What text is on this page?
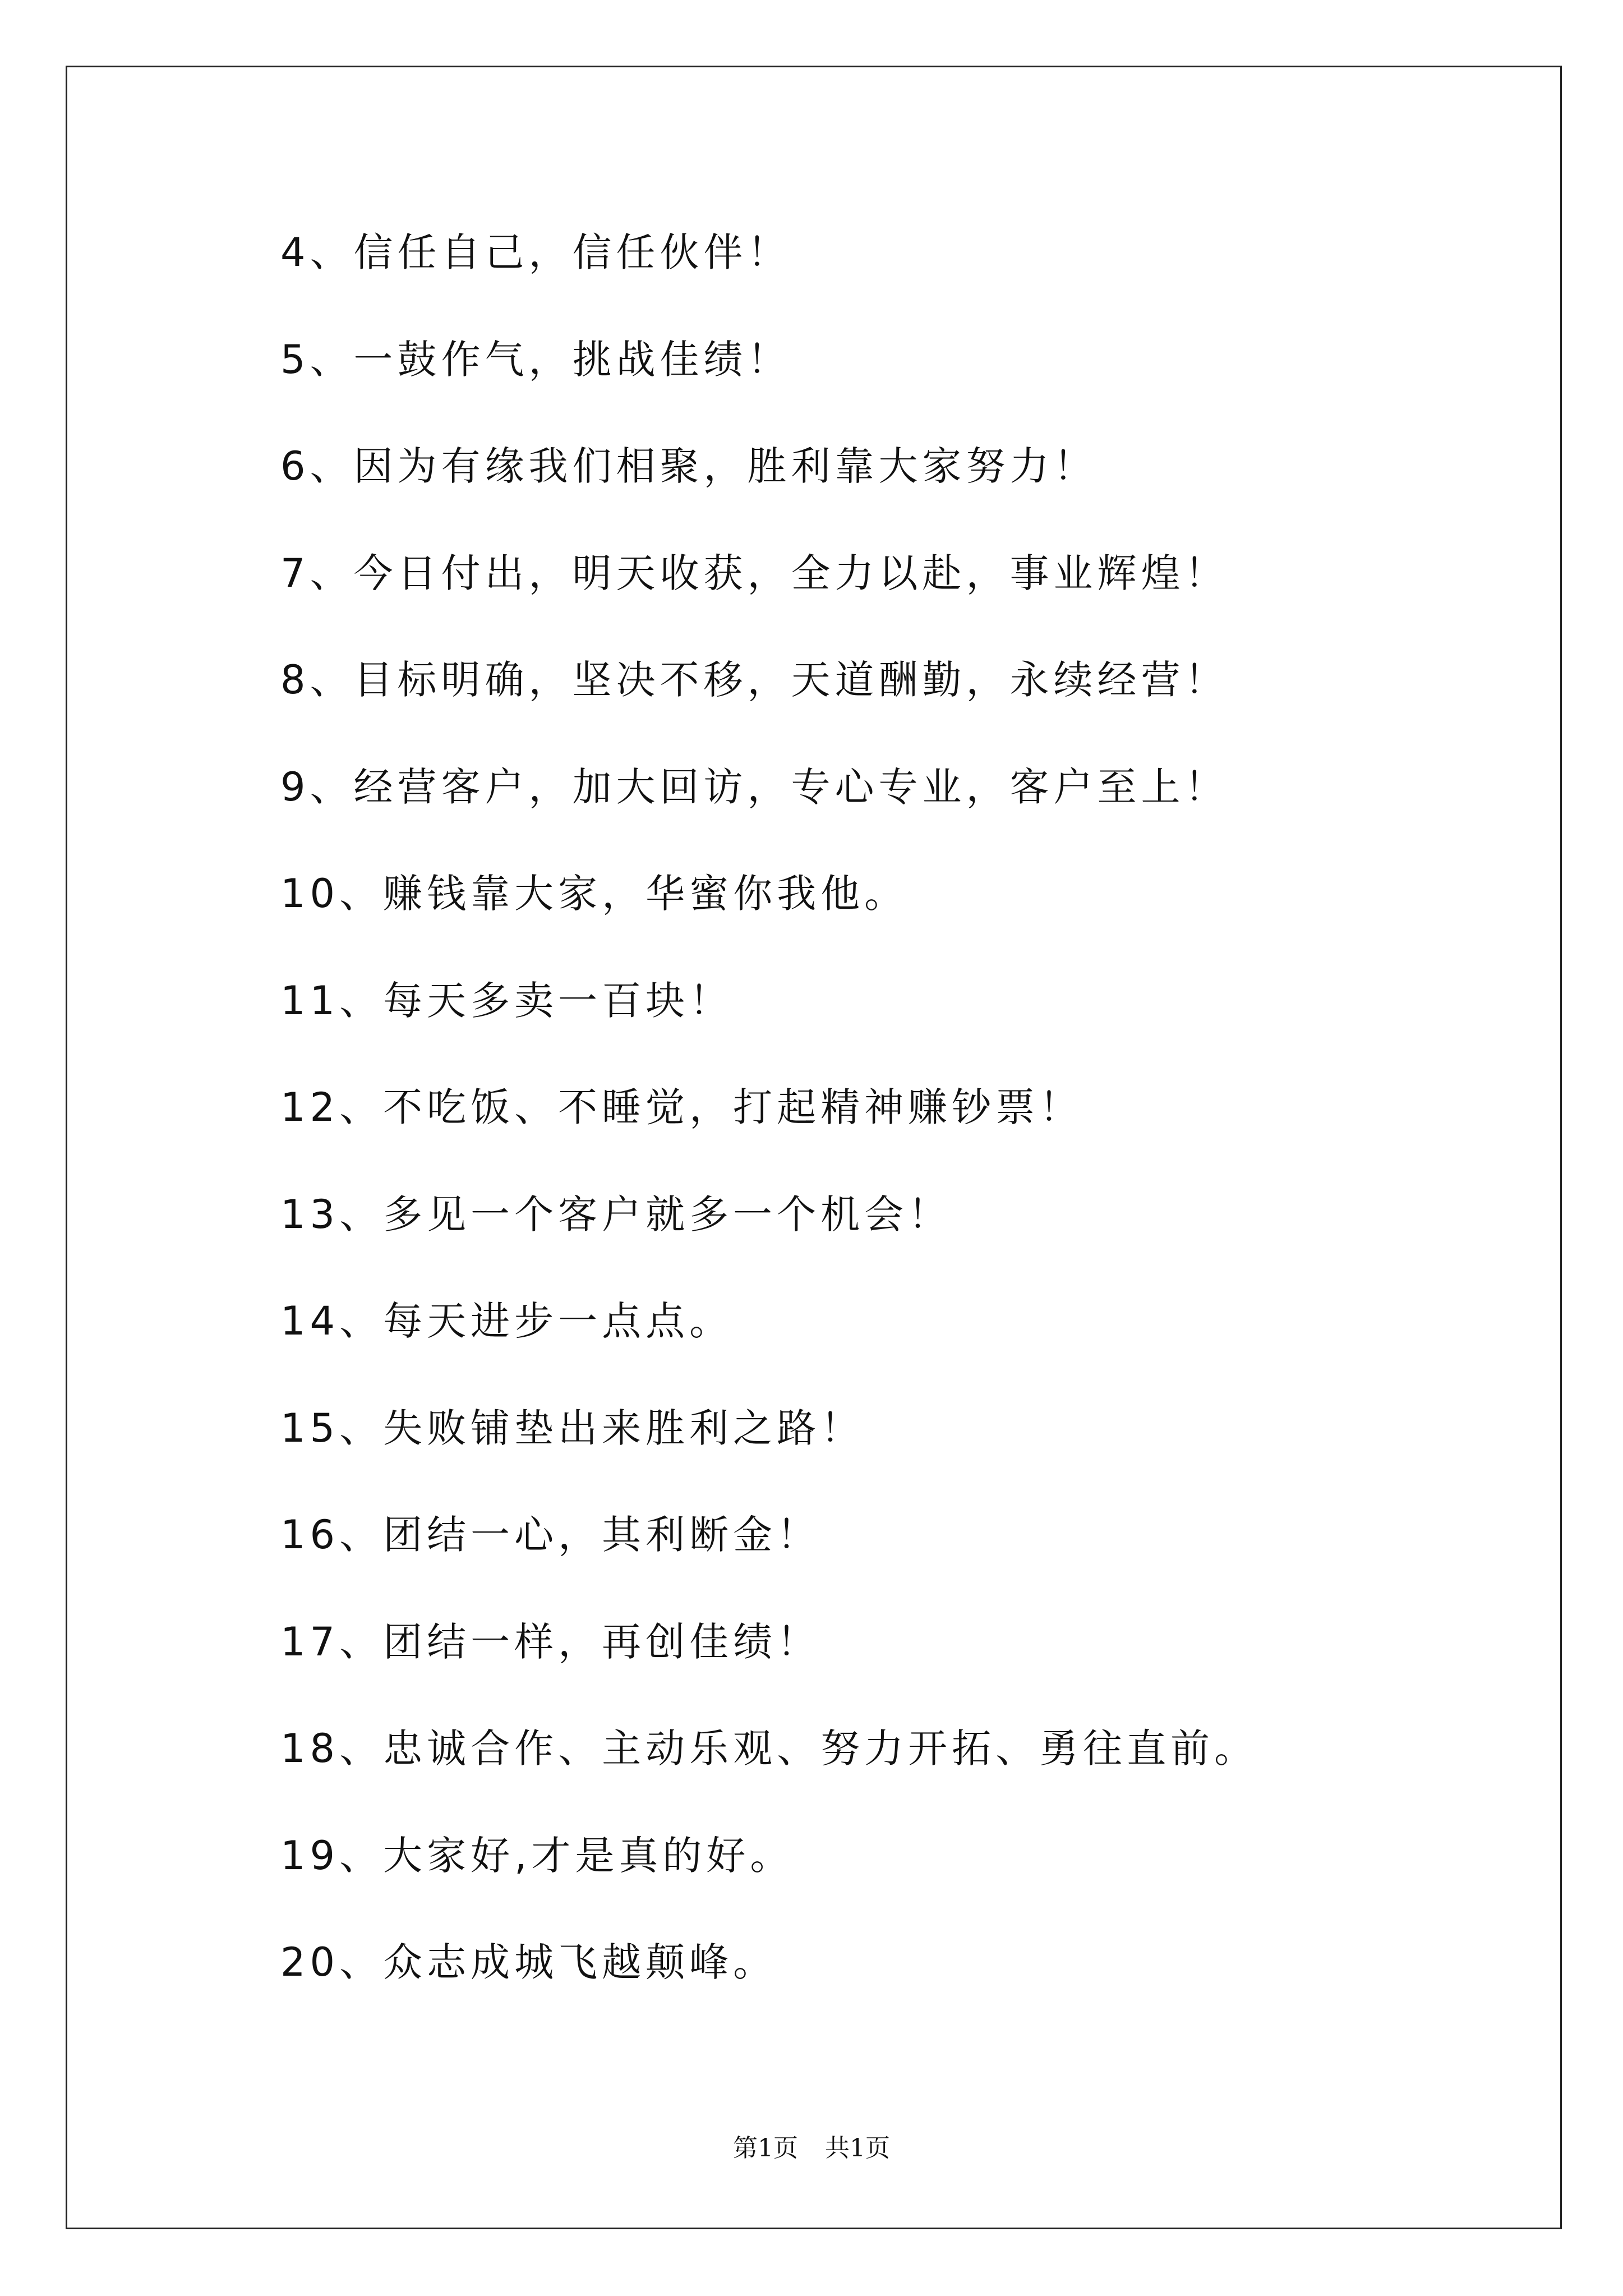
4、信任自己，信任伙伴！
5、一鼓作气，挑战佳绩！
6、因为有缘我们相聚，胜利靠大家努力！
7、今日付出，明天收获，全力以赴，事业辉煌！
8、目标明确，坚决不移，天道酬勤，永续经营！
9、经营客户，加大回访，专心专业，客户至上！
10、赚钱靠大家，华蜜你我他。
11、每天多卖一百块！
12、不吃饭、不睡觉，打起精神赚钞票！
13、多见一个客户就多一个机会！
14、每天进步一点点。
15、失败铺垫出来胜利之路！
16、团结一心，其利断金！
17、团结一样，再创佳绩！
18、忠诚合作、主动乐观、努力开拓、勇往直前。
19、大家好,才是真的好。
20、众志成城飞越颠峰。
第1页 共1页
